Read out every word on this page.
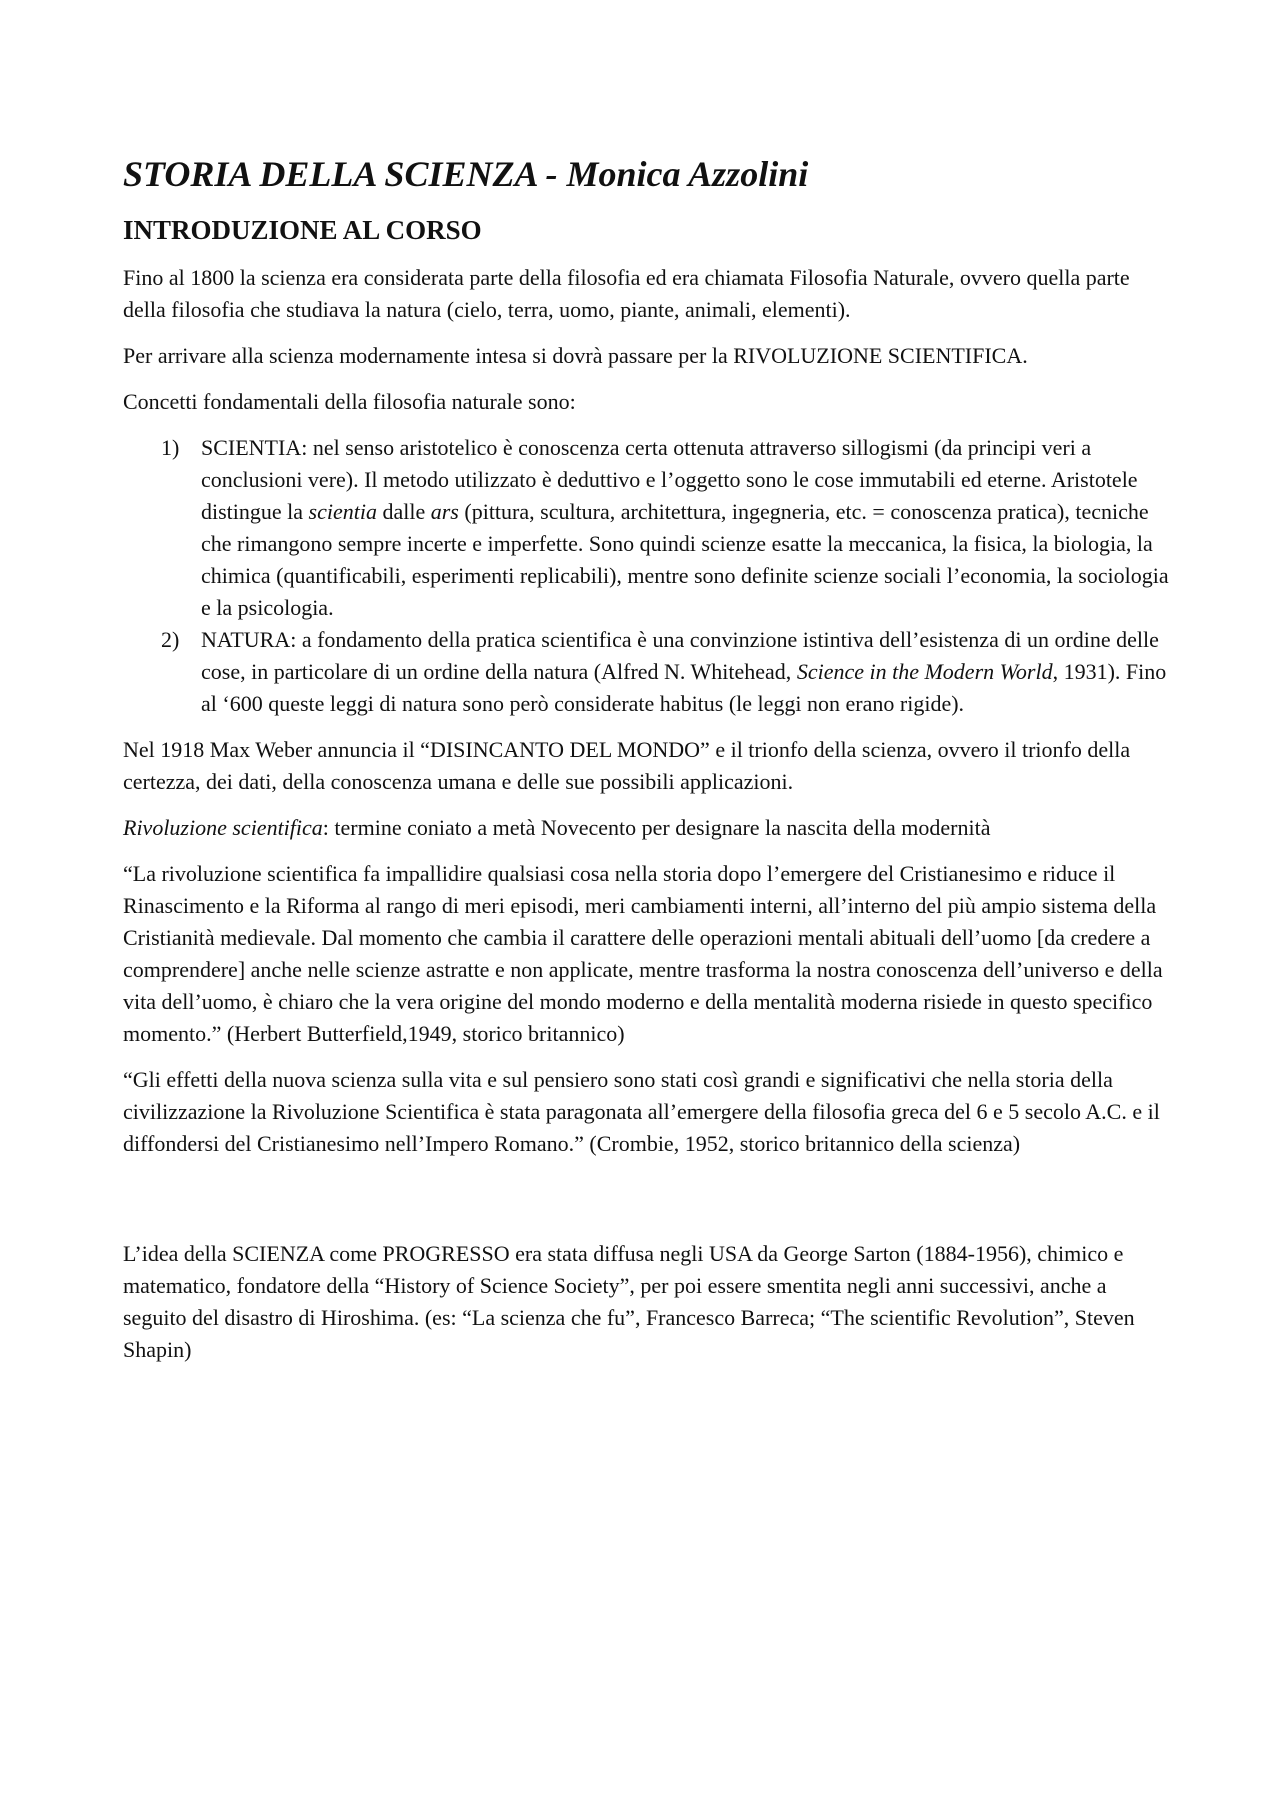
STORIA DELLA SCIENZA - Monica Azzolini
INTRODUZIONE AL CORSO

Fino al 1800 la scienza era considerata parte della filosofia ed era chiamata Filosofia Naturale, ovvero quella parte della filosofia che studiava la natura (cielo, terra, uomo, piante, animali, elementi).

Per arrivare alla scienza modernamente intesa si dovrà passare per la RIVOLUZIONE SCIENTIFICA.

Concetti fondamentali della filosofia naturale sono:

1) SCIENTIA: nel senso aristotelico è conoscenza certa ottenuta attraverso sillogismi (da principi veri a conclusioni vere). Il metodo utilizzato è deduttivo e l’oggetto sono le cose immutabili ed eterne. Aristotele distingue la scientia dalle ars (pittura, scultura, architettura, ingegneria, etc. = conoscenza pratica), tecniche che rimangono sempre incerte e imperfette. Sono quindi scienze esatte la meccanica, la fisica, la biologia, la chimica (quantificabili, esperimenti replicabili), mentre sono definite scienze sociali l’economia, la sociologia e la psicologia.
2) NATURA: a fondamento della pratica scientifica è una convinzione istintiva dell’esistenza di un ordine delle cose, in particolare di un ordine della natura (Alfred N. Whitehead, Science in the Modern World, 1931). Fino al ‘600 queste leggi di natura sono però considerate habitus (le leggi non erano rigide).

Nel 1918 Max Weber annuncia il “DISINCANTO DEL MONDO” e il trionfo della scienza, ovvero il trionfo della certezza, dei dati, della conoscenza umana e delle sue possibili applicazioni.

Rivoluzione scientifica: termine coniato a metà Novecento per designare la nascita della modernità

“La rivoluzione scientifica fa impallidire qualsiasi cosa nella storia dopo l’emergere del Cristianesimo e riduce il Rinascimento e la Riforma al rango di meri episodi, meri cambiamenti interni, all’interno del più ampio sistema della Cristianità medievale. Dal momento che cambia il carattere delle operazioni mentali abituali dell’uomo [da credere a comprendere] anche nelle scienze astratte e non applicate, mentre trasforma la nostra conoscenza dell’universo e della vita dell’uomo, è chiaro che la vera origine del mondo moderno e della mentalità moderna risiede in questo specifico momento.” (Herbert Butterfield,1949, storico britannico)

“Gli effetti della nuova scienza sulla vita e sul pensiero sono stati così grandi e significativi che nella storia della civilizzazione la Rivoluzione Scientifica è stata paragonata all’emergere della filosofia greca del 6 e 5 secolo A.C. e il diffondersi del Cristianesimo nell’Impero Romano.” (Crombie, 1952, storico britannico della scienza)

L’idea della SCIENZA come PROGRESSO era stata diffusa negli USA da George Sarton (1884-1956), chimico e matematico, fondatore della “History of Science Society”, per poi essere smentita negli anni successivi, anche a seguito del disastro di Hiroshima. (es: “La scienza che fu”, Francesco Barreca; “The scientific Revolution”, Steven Shapin)
